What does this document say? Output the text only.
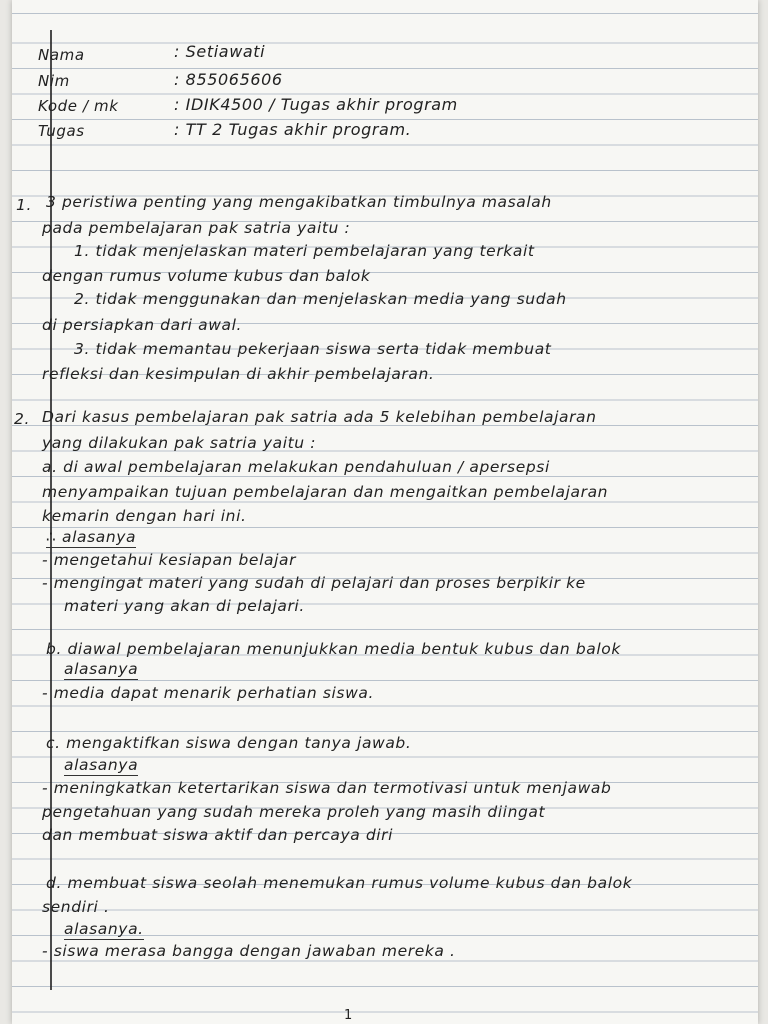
Nama	: Setiawati
Nim	: 855065606
Kode / mk	: IDIK4500 / Tugas akhir program
Tugas	: TT 2 Tugas akhir program.
1. 3 peristiwa penting yang mengakibatkan timbulnya masalah
pada pembelajaran pak satria yaitu :
1. tidak menjelaskan materi pembelajaran yang terkait
dengan rumus volume kubus dan balok
2. tidak menggunakan dan menjelaskan media yang sudah
di persiapkan dari awal.
3. tidak memantau pekerjaan siswa serta tidak membuat
refleksi dan kesimpulan di akhir pembelajaran.
2. Dari kasus pembelajaran pak satria ada 5 kelebihan pembelajaran
yang dilakukan pak satria yaitu :
a. di awal pembelajaran melakukan pendahuluan / apersepsi
menyampaikan tujuan pembelajaran dan mengaitkan pembelajaran
kemarin dengan hari ini.
∴ alasanya
- mengetahui kesiapan belajar
- mengingat materi yang sudah di pelajari dan proses berpikir ke
materi yang akan di pelajari.
b. diawal pembelajaran menunjukkan media bentuk kubus dan balok
alasanya
- media dapat menarik perhatian siswa.
c. mengaktifkan siswa dengan tanya jawab.
alasanya
- meningkatkan ketertarikan siswa dan termotivasi untuk menjawab
pengetahuan yang sudah mereka proleh yang masih diingat
dan membuat siswa aktif dan percaya diri
d. membuat siswa seolah menemukan rumus volume kubus dan balok
sendiri .
alasanya.
- siswa merasa bangga dengan jawaban mereka .
1
